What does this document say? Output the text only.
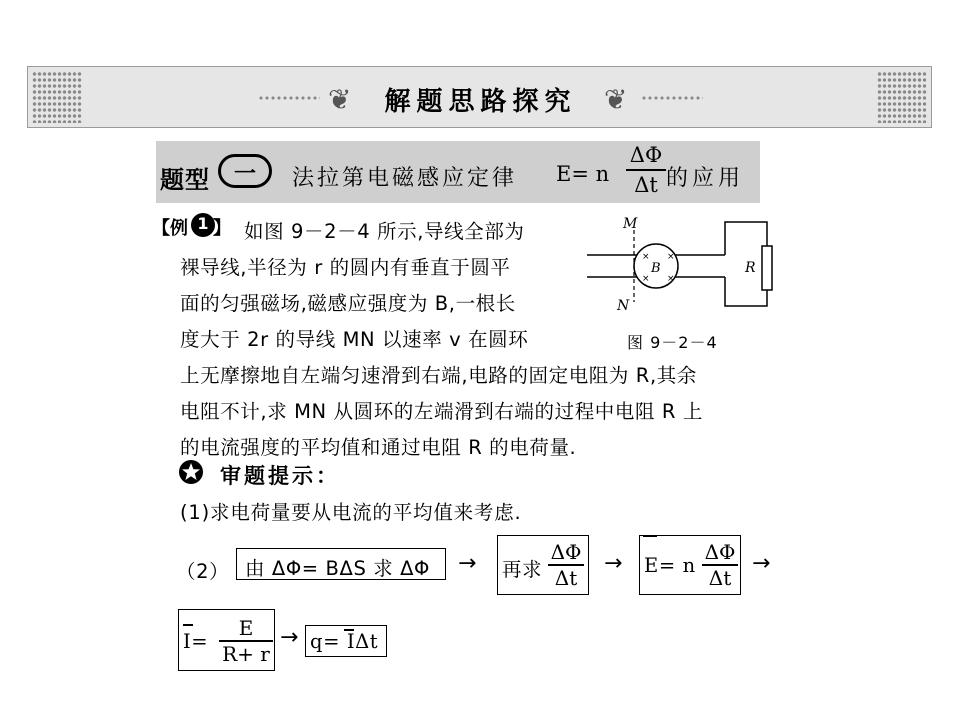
❦	❦
解题思路探究
题型	一	法拉第电磁感应定律 E= n
ΔΦ
Δt 的应用
【例 1 】 如图 9－2－4 所示,导线全部为
裸导线,半径为 r 的圆内有垂直于圆平
面的匀强磁场,磁感应强度为 B,一根长
度大于 2r 的导线 MN 以速率 v 在圆环
上无摩擦地自左端匀速滑到右端,电路的固定电阻为 R,其余
电阻不计,求 MN 从圆环的左端滑到右端的过程中电阻 R 上
的电流强度的平均值和通过电阻 R 的电荷量.
× ×
× ×
B
M
N
R
图 9－2－4
审题提示：
(1)求电荷量要从电流的平均值来考虑.
（2） 由 ΔΦ= BΔS 求 ΔΦ → 再求
ΔΦ
Δt
→ E= n
ΔΦ
Δt
→
I=
E
R+ r
→ q= IΔt
